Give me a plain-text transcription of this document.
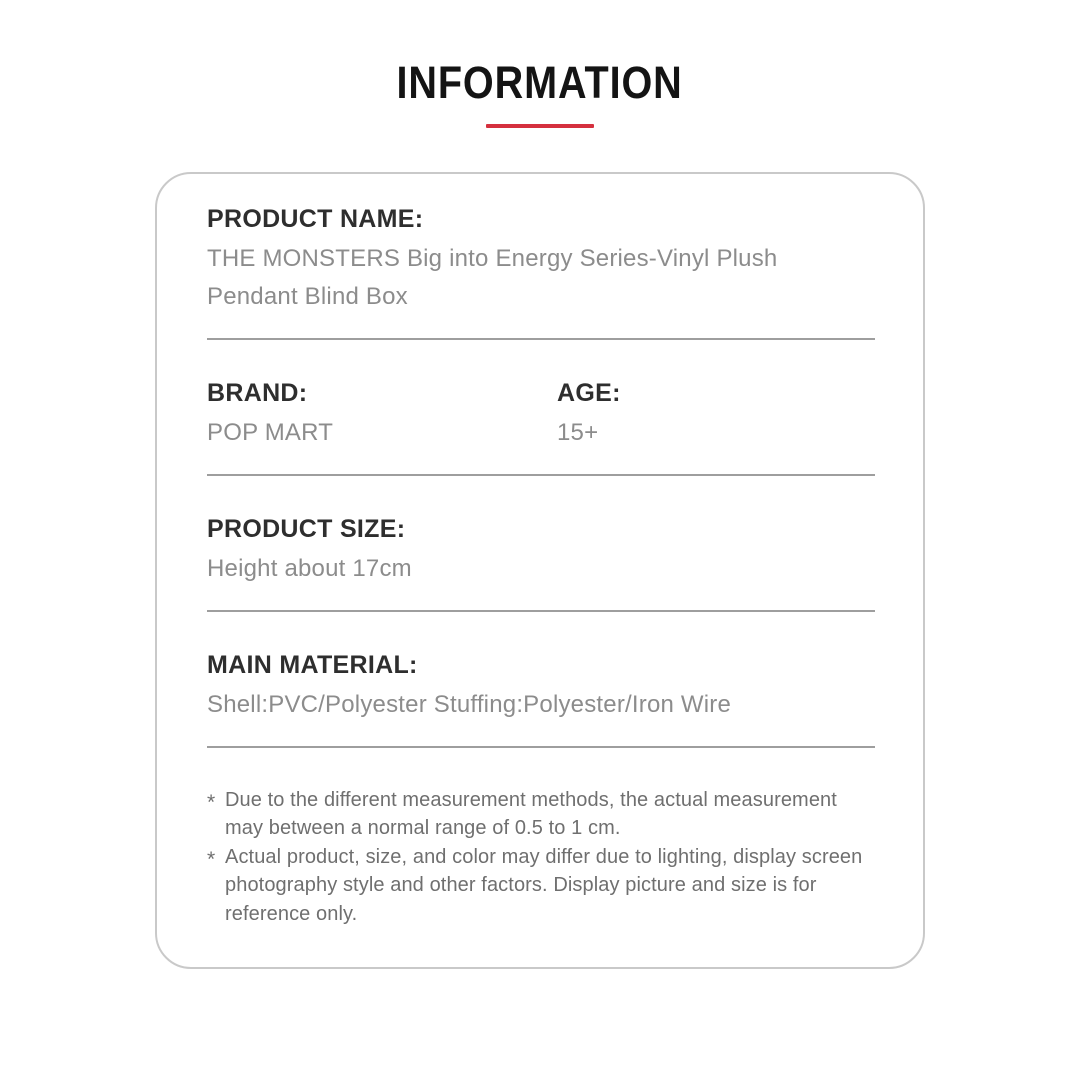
INFORMATION
PRODUCT NAME:
THE MONSTERS Big into Energy Series-Vinyl Plush Pendant Blind Box
BRAND:
POP MART
AGE:
15+
PRODUCT SIZE:
Height about 17cm
MAIN MATERIAL:
Shell:PVC/Polyester Stuffing:Polyester/Iron Wire
* Due to the different measurement methods, the actual measurement may between a normal range of 0.5 to 1 cm.
* Actual product, size, and color may differ due to lighting, display screen photography style and other factors. Display picture and size is for reference only.
